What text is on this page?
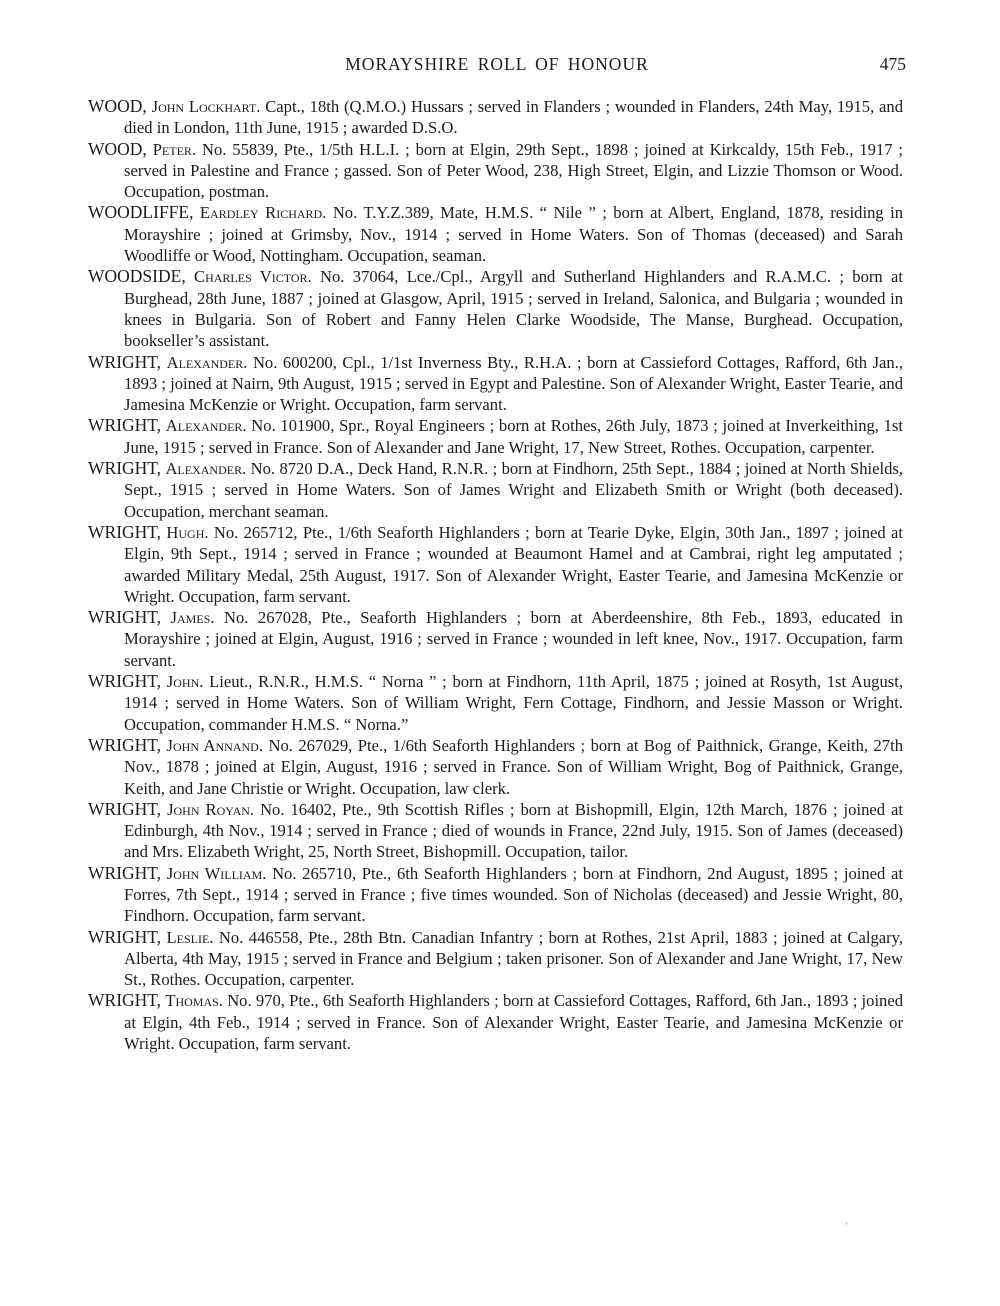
MORAYSHIRE ROLL OF HONOUR	475

WOOD, John Lockhart. Capt., 18th (Q.M.O.) Hussars ; served in Flanders ; wounded in Flanders, 24th May, 1915, and died in London, 11th June, 1915 ; awarded D.S.O.

WOOD, Peter. No. 55839, Pte., 1/5th H.L.I. ; born at Elgin, 29th Sept., 1898 ; joined at Kirkcaldy, 15th Feb., 1917 ; served in Palestine and France ; gassed. Son of Peter Wood, 238, High Street, Elgin, and Lizzie Thomson or Wood. Occupation, postman.

WOODLIFFE, Eardley Richard. No. T.Y.Z.389, Mate, H.M.S. “ Nile ” ; born at Albert, England, 1878, residing in Morayshire ; joined at Grimsby, Nov., 1914 ; served in Home Waters. Son of Thomas (deceased) and Sarah Woodliffe or Wood, Nottingham. Occupation, seaman.

WOODSIDE, Charles Victor. No. 37064, Lce./Cpl., Argyll and Sutherland Highlanders and R.A.M.C. ; born at Burghead, 28th June, 1887 ; joined at Glasgow, April, 1915 ; served in Ireland, Salonica, and Bulgaria ; wounded in knees in Bulgaria. Son of Robert and Fanny Helen Clarke Woodside, The Manse, Burghead. Occupation, bookseller’s assistant.

WRIGHT, Alexander. No. 600200, Cpl., 1/1st Inverness Bty., R.H.A. ; born at Cassieford Cottages, Rafford, 6th Jan., 1893 ; joined at Nairn, 9th August, 1915 ; served in Egypt and Palestine. Son of Alexander Wright, Easter Tearie, and Jamesina McKenzie or Wright. Occupation, farm servant.

WRIGHT, Alexander. No. 101900, Spr., Royal Engineers ; born at Rothes, 26th July, 1873 ; joined at Inverkeithing, 1st June, 1915 ; served in France. Son of Alexander and Jane Wright, 17, New Street, Rothes. Occupation, carpenter.

WRIGHT, Alexander. No. 8720 D.A., Deck Hand, R.N.R. ; born at Findhorn, 25th Sept., 1884 ; joined at North Shields, Sept., 1915 ; served in Home Waters. Son of James Wright and Elizabeth Smith or Wright (both deceased). Occupation, merchant seaman.

WRIGHT, Hugh. No. 265712, Pte., 1/6th Seaforth Highlanders ; born at Tearie Dyke, Elgin, 30th Jan., 1897 ; joined at Elgin, 9th Sept., 1914 ; served in France ; wounded at Beaumont Hamel and at Cambrai, right leg amputated ; awarded Military Medal, 25th August, 1917. Son of Alexander Wright, Easter Tearie, and Jamesina McKenzie or Wright. Occupation, farm servant.

WRIGHT, James. No. 267028, Pte., Seaforth Highlanders ; born at Aberdeenshire, 8th Feb., 1893, educated in Morayshire ; joined at Elgin, August, 1916 ; served in France ; wounded in left knee, Nov., 1917. Occupation, farm servant.

WRIGHT, John. Lieut., R.N.R., H.M.S. “ Norna ” ; born at Findhorn, 11th April, 1875 ; joined at Rosyth, 1st August, 1914 ; served in Home Waters. Son of William Wright, Fern Cottage, Findhorn, and Jessie Masson or Wright. Occupation, commander H.M.S. “ Norna.”

WRIGHT, John Annand. No. 267029, Pte., 1/6th Seaforth Highlanders ; born at Bog of Paithnick, Grange, Keith, 27th Nov., 1878 ; joined at Elgin, August, 1916 ; served in France. Son of William Wright, Bog of Paithnick, Grange, Keith, and Jane Christie or Wright. Occupation, law clerk.

WRIGHT, John Royan. No. 16402, Pte., 9th Scottish Rifles ; born at Bishopmill, Elgin, 12th March, 1876 ; joined at Edinburgh, 4th Nov., 1914 ; served in France ; died of wounds in France, 22nd July, 1915. Son of James (deceased) and Mrs. Elizabeth Wright, 25, North Street, Bishopmill. Occupation, tailor.

WRIGHT, John William. No. 265710, Pte., 6th Seaforth Highlanders ; born at Findhorn, 2nd August, 1895 ; joined at Forres, 7th Sept., 1914 ; served in France ; five times wounded. Son of Nicholas (deceased) and Jessie Wright, 80, Findhorn. Occupation, farm servant.

WRIGHT, Leslie. No. 446558, Pte., 28th Btn. Canadian Infantry ; born at Rothes, 21st April, 1883 ; joined at Calgary, Alberta, 4th May, 1915 ; served in France and Belgium ; taken prisoner. Son of Alexander and Jane Wright, 17, New St., Rothes. Occupation, carpenter.

WRIGHT, Thomas. No. 970, Pte., 6th Seaforth Highlanders ; born at Cassieford Cottages, Rafford, 6th Jan., 1893 ; joined at Elgin, 4th Feb., 1914 ; served in France. Son of Alexander Wright, Easter Tearie, and Jamesina McKenzie or Wright. Occupation, farm servant.

’
